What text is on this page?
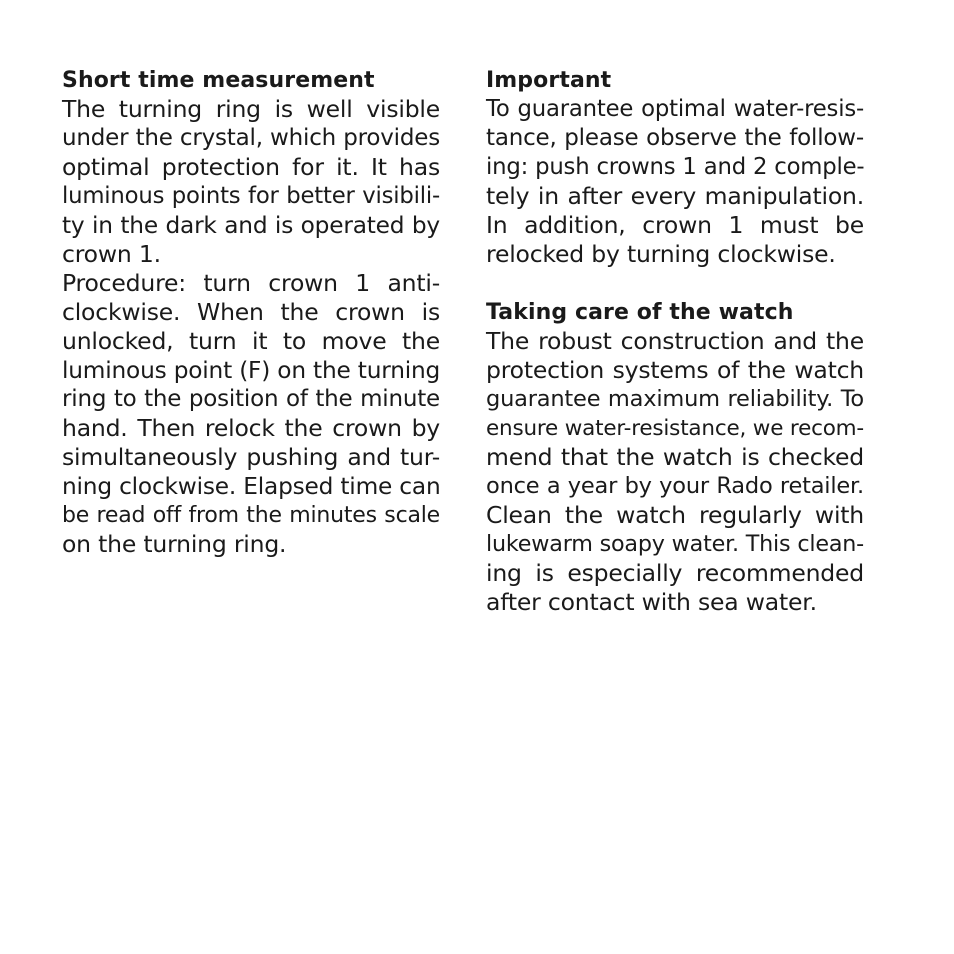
Short time measurement
The turning ring is well visible
under the crystal, which provides
optimal protection for it. It has
luminous points for better visibili-
ty in the dark and is operated by
crown 1.
Procedure: turn crown 1 anti-
clockwise. When the crown is
unlocked, turn it to move the
luminous point (F) on the turning
ring to the position of the minute
hand. Then relock the crown by
simultaneously pushing and tur-
ning clockwise. Elapsed time can
be read off from the minutes scale
on the turning ring.
Important
To guarantee optimal water-resis-
tance, please observe the follow-
ing: push crowns 1 and 2 comple-
tely in after every manipulation.
In addition, crown 1 must be
relocked by turning clockwise.
Taking care of the watch
The robust construction and the
protection systems of the watch
guarantee maximum reliability. To
ensure water-resistance, we recom-
mend that the watch is checked
once a year by your Rado retailer.
Clean the watch regularly with
lukewarm soapy water. This clean-
ing is especially recommended
after contact with sea water.
